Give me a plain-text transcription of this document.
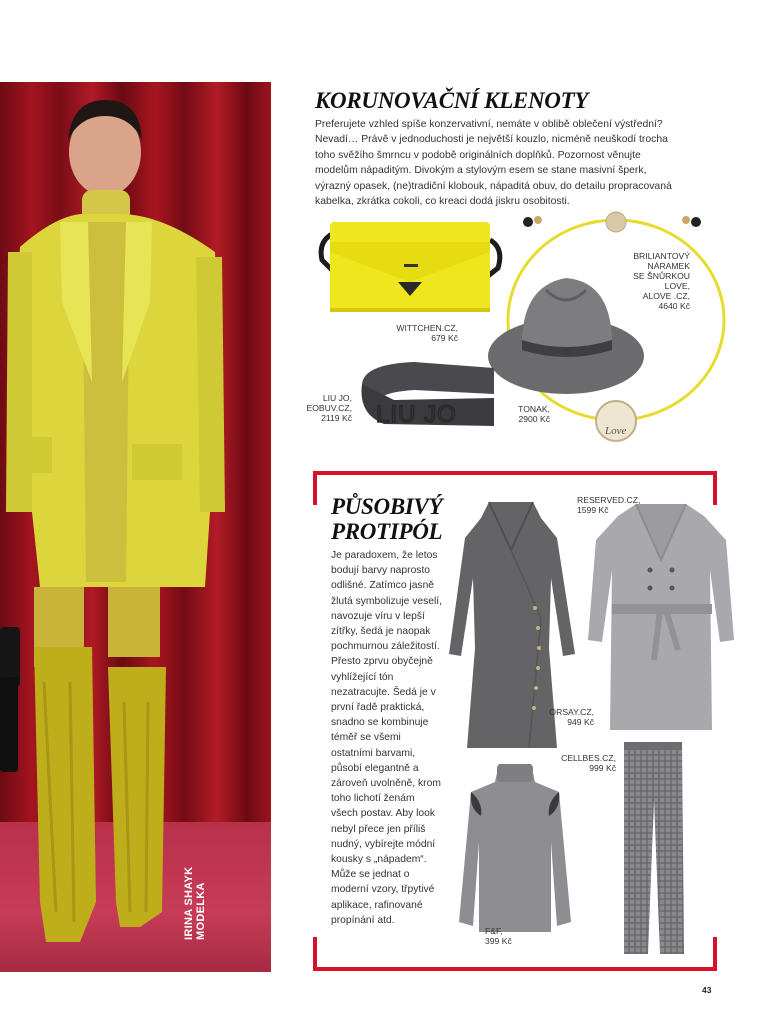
IRINA SHAYK MODELKA
KORUNOVAČNÍ KLENOTY

Preferujete vzhled spíše konzervativní, nemáte v oblibě oblečení výstřední? Nevadí… Právě v jednoduchosti je největší kouzlo, nicméně neuškodí trocha toho svěžího šmrncu v podobě originálních doplňků. Pozornost věnujte modelům nápaditým. Divokým a stylovým esem se stane masivní šperk, výrazný opasek, (ne)tradiční klobouk, nápaditá obuv, do detailu propracovaná kabelka, zkrátka cokoli, co kreaci dodá jiskru osobitosti.

WITTCHEN.CZ,
679 Kč
Love
BRILIANTOVÝ
NÁRAMEK
SE ŠNŮRKOU
LOVE,
ALOVE .CZ,
4640 Kč
TONAK,
2900 Kč
LIU JO
LIU JO,
EOBUV.CZ,
2119 Kč
PŮSOBIVÝ
PROTIPÓL

Je paradoxem, že letos bodují barvy naprosto odlišné. Zatímco jasně žlutá symbolizuje veselí, navozuje víru v lepší zítřky, šedá je naopak pochmurnou záležitostí. Přesto zprvu obyčejně vyhlížející tón nezatracujte. Šedá je v první řadě praktická, snadno se kombinuje téměř se všemi ostatními barvami, působí elegantně a zároveň uvolněně, krom toho lichotí ženám všech postav. Aby look nebyl přece jen příliš nudný, vybírejte módní kousky s „nápadem“. Může se jednat o moderní vzory, třpytivé aplikace, rafinované propínání atd.

ORSAY.CZ,
949 Kč
RESERVED.CZ,
1599 Kč
F&F,
399 Kč
CELLBES.CZ,
999 Kč
43
